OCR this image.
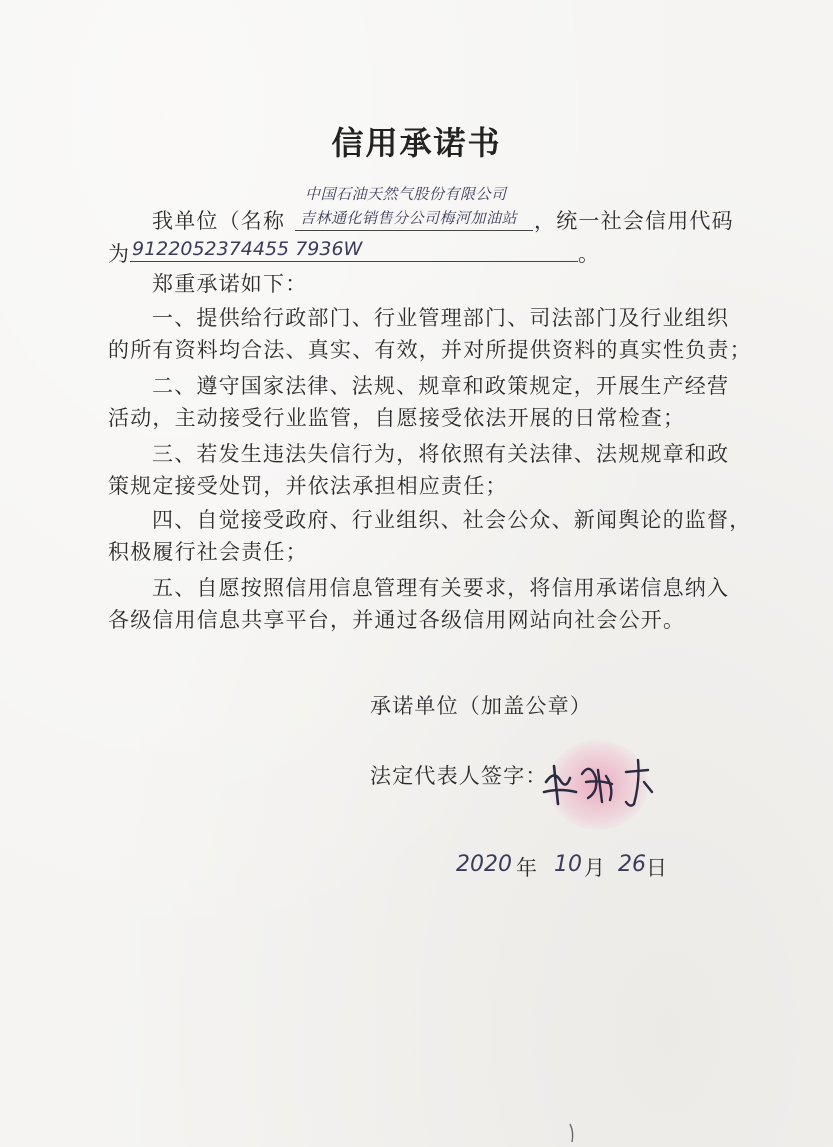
信用承诺书
我单位（名称
中国石油天然气股份有限公司
吉林通化销售分公司梅河加油站 ，统一社会信用代码
为 9122052374455 7936W	。
郑重承诺如下：
一、提供给行政部门、行业管理部门、司法部门及行业组织
的所有资料均合法、真实、有效，并对所提供资料的真实性负责；
二、遵守国家法律、法规、规章和政策规定，开展生产经营
活动，主动接受行业监管，自愿接受依法开展的日常检查；
三、若发生违法失信行为，将依照有关法律、法规规章和政
策规定接受处罚，并依法承担相应责任；
四、自觉接受政府、行业组织、社会公众、新闻舆论的监督，
积极履行社会责任；
五、自愿按照信用信息管理有关要求，将信用承诺信息纳入
各级信用信息共享平台，并通过各级信用网站向社会公开。
承诺单位（加盖公章）
法定代表人签字：
2020 年 10 月 26 日
